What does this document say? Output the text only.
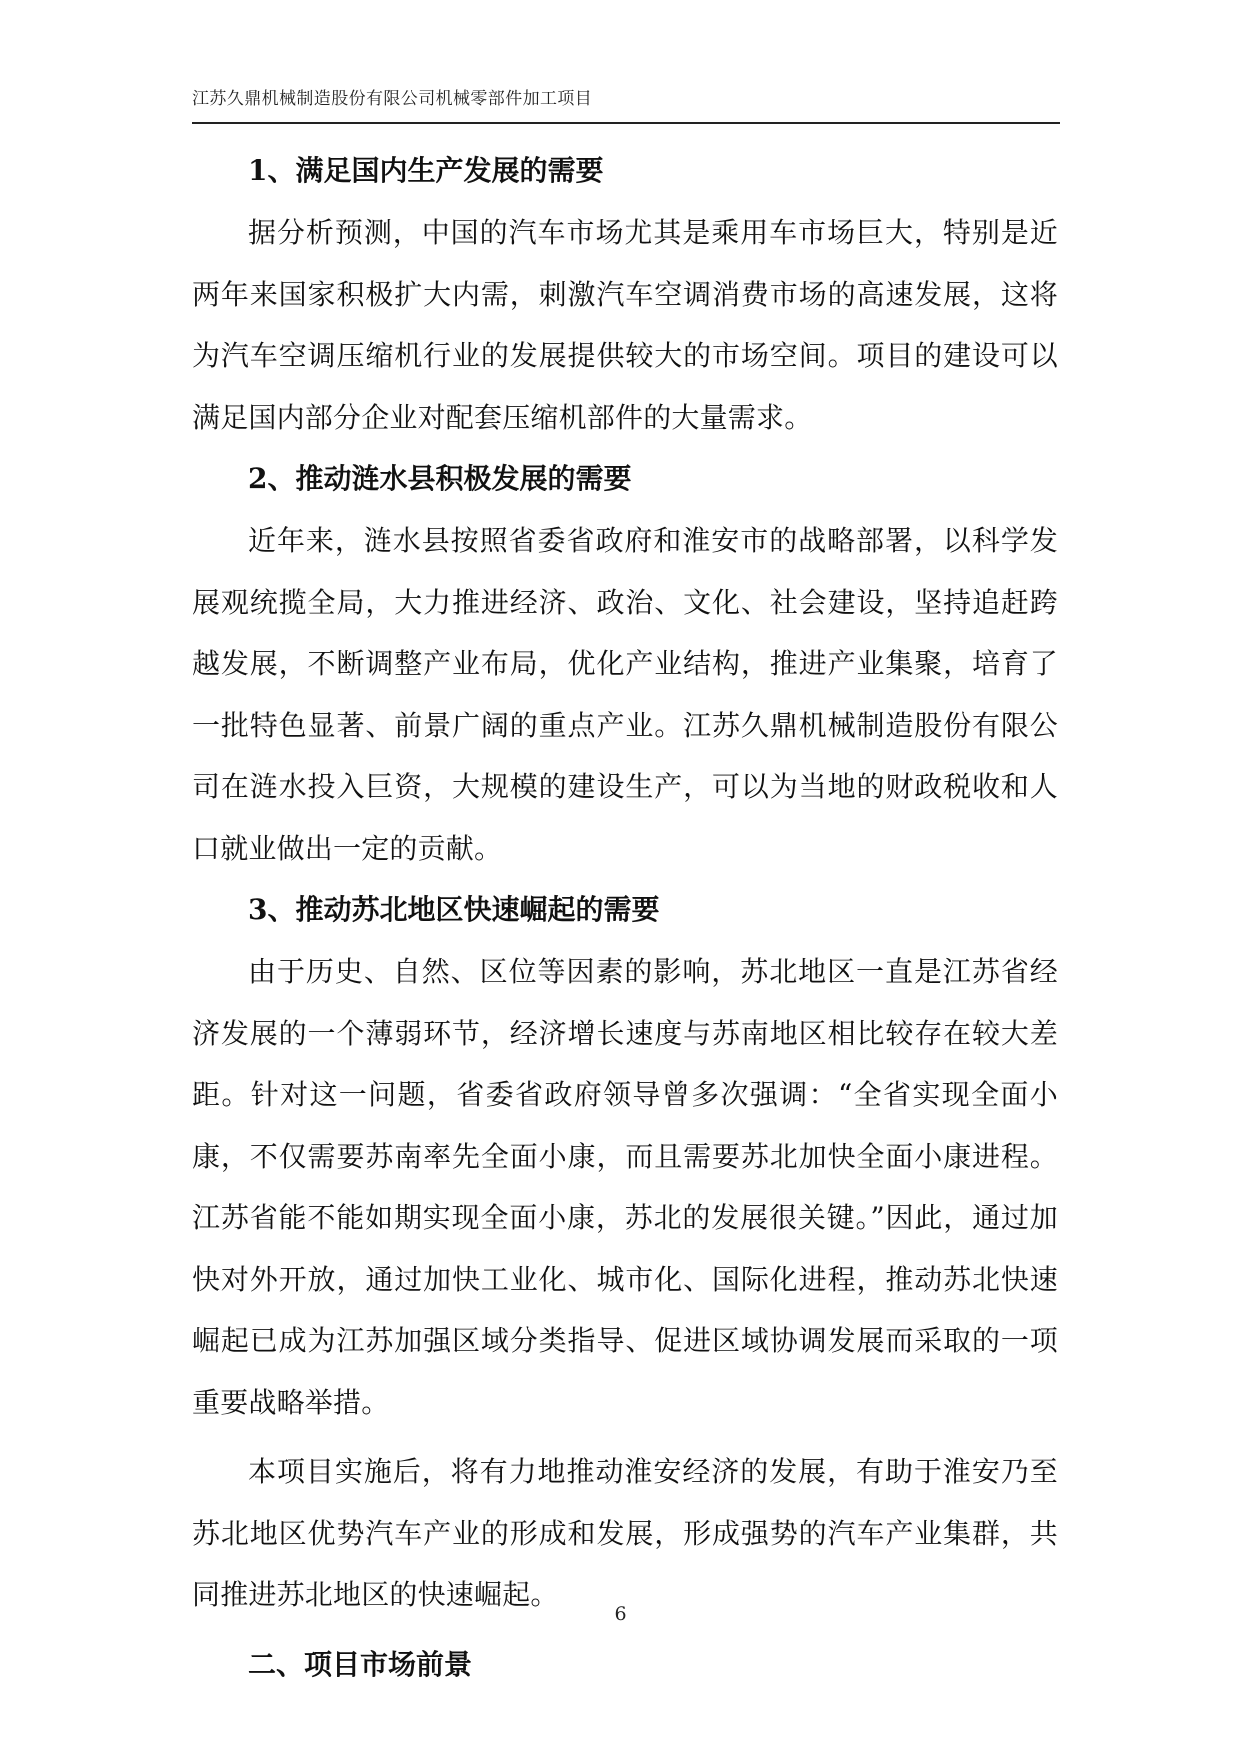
江苏久鼎机械制造股份有限公司机械零部件加工项目
1、满足国内生产发展的需要

据分析预测，中国的汽车市场尤其是乘用车市场巨大，特别是近两年来国家积极扩大内需，刺激汽车空调消费市场的高速发展，这将为汽车空调压缩机行业的发展提供较大的市场空间。项目的建设可以满足国内部分企业对配套压缩机部件的大量需求。

2、推动涟水县积极发展的需要

近年来，涟水县按照省委省政府和淮安市的战略部署，以科学发展观统揽全局，大力推进经济、政治、文化、社会建设，坚持追赶跨越发展，不断调整产业布局，优化产业结构，推进产业集聚，培育了一批特色显著、前景广阔的重点产业。江苏久鼎机械制造股份有限公司在涟水投入巨资，大规模的建设生产，可以为当地的财政税收和人口就业做出一定的贡献。

3、推动苏北地区快速崛起的需要

由于历史、自然、区位等因素的影响，苏北地区一直是江苏省经济发展的一个薄弱环节，经济增长速度与苏南地区相比较存在较大差距。针对这一问题，省委省政府领导曾多次强调：“全省实现全面小康，不仅需要苏南率先全面小康，而且需要苏北加快全面小康进程。江苏省能不能如期实现全面小康，苏北的发展很关键。”因此，通过加快对外开放，通过加快工业化、城市化、国际化进程，推动苏北快速崛起已成为江苏加强区域分类指导、促进区域协调发展而采取的一项重要战略举措。

本项目实施后，将有力地推动淮安经济的发展，有助于淮安乃至苏北地区优势汽车产业的形成和发展，形成强势的汽车产业集群，共同推进苏北地区的快速崛起。

二、项目市场前景
6
